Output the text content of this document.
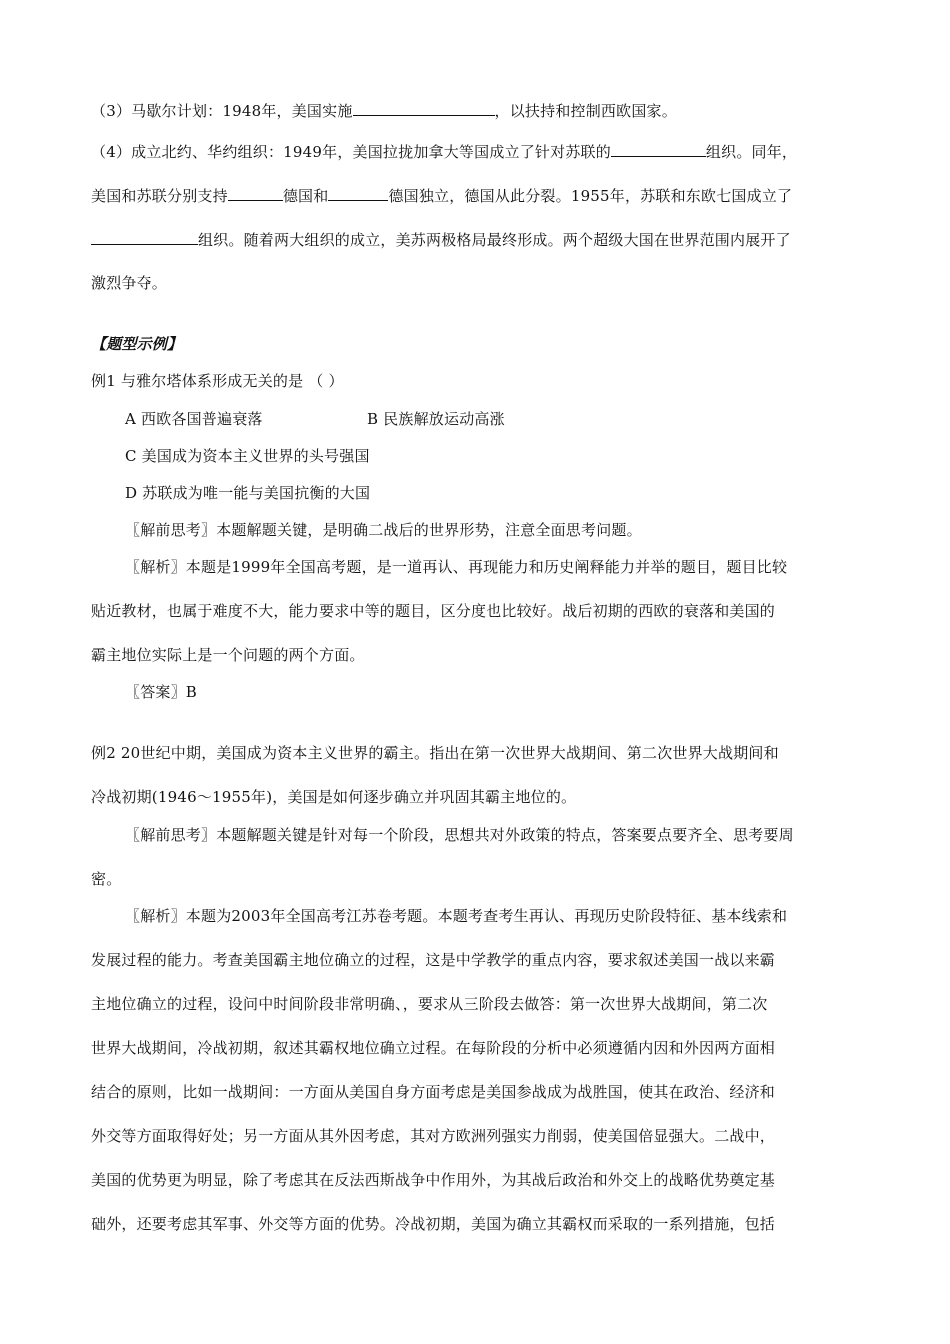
（3）马歇尔计划：1948年，美国实施	，以扶持和控制西欧国家。
（4）成立北约、华约组织：1949年，美国拉拢加拿大等国成立了针对苏联的	组织。同年，
美国和苏联分别支持	德国和	德国独立，德国从此分裂。1955年，苏联和东欧七国成立了
组织。随着两大组织的成立，美苏两极格局最终形成。两个超级大国在世界范围内展开了
激烈争夺。
【题型示例】
例1 与雅尔塔体系形成无关的是 （ ）
A 西欧各国普遍衰落	B 民族解放运动高涨
C 美国成为资本主义世界的头号强国
D 苏联成为唯一能与美国抗衡的大国
〖解前思考〗本题解题关键，是明确二战后的世界形势，注意全面思考问题。
〖解析〗本题是1999年全国高考题，是一道再认、再现能力和历史阐释能力并举的题目，题目比较
贴近教材，也属于难度不大，能力要求中等的题目，区分度也比较好。战后初期的西欧的衰落和美国的
霸主地位实际上是一个问题的两个方面。
〖答案〗B
例2 20世纪中期，美国成为资本主义世界的霸主。指出在第一次世界大战期间、第二次世界大战期间和
冷战初期(1946～1955年)，美国是如何逐步确立并巩固其霸主地位的。
〖解前思考〗本题解题关键是针对每一个阶段，思想共对外政策的特点，答案要点要齐全、思考要周
密。
〖解析〗本题为2003年全国高考江苏卷考题。本题考查考生再认、再现历史阶段特征、基本线索和
发展过程的能力。考查美国霸主地位确立的过程，这是中学教学的重点内容，要求叙述美国一战以来霸
主地位确立的过程，设问中时间阶段非常明确、，要求从三阶段去做答：第一次世界大战期间，第二次
世界大战期间，冷战初期，叙述其霸权地位确立过程。在每阶段的分析中必须遵循内因和外因两方面相
结合的原则，比如一战期间：一方面从美国自身方面考虑是美国参战成为战胜国，使其在政治、经济和
外交等方面取得好处；另一方面从其外因考虑，其对方欧洲列强实力削弱，使美国倍显强大。二战中，
美国的优势更为明显，除了考虑其在反法西斯战争中作用外，为其战后政治和外交上的战略优势奠定基
础外，还要考虑其军事、外交等方面的优势。冷战初期，美国为确立其霸权而采取的一系列措施，包括
